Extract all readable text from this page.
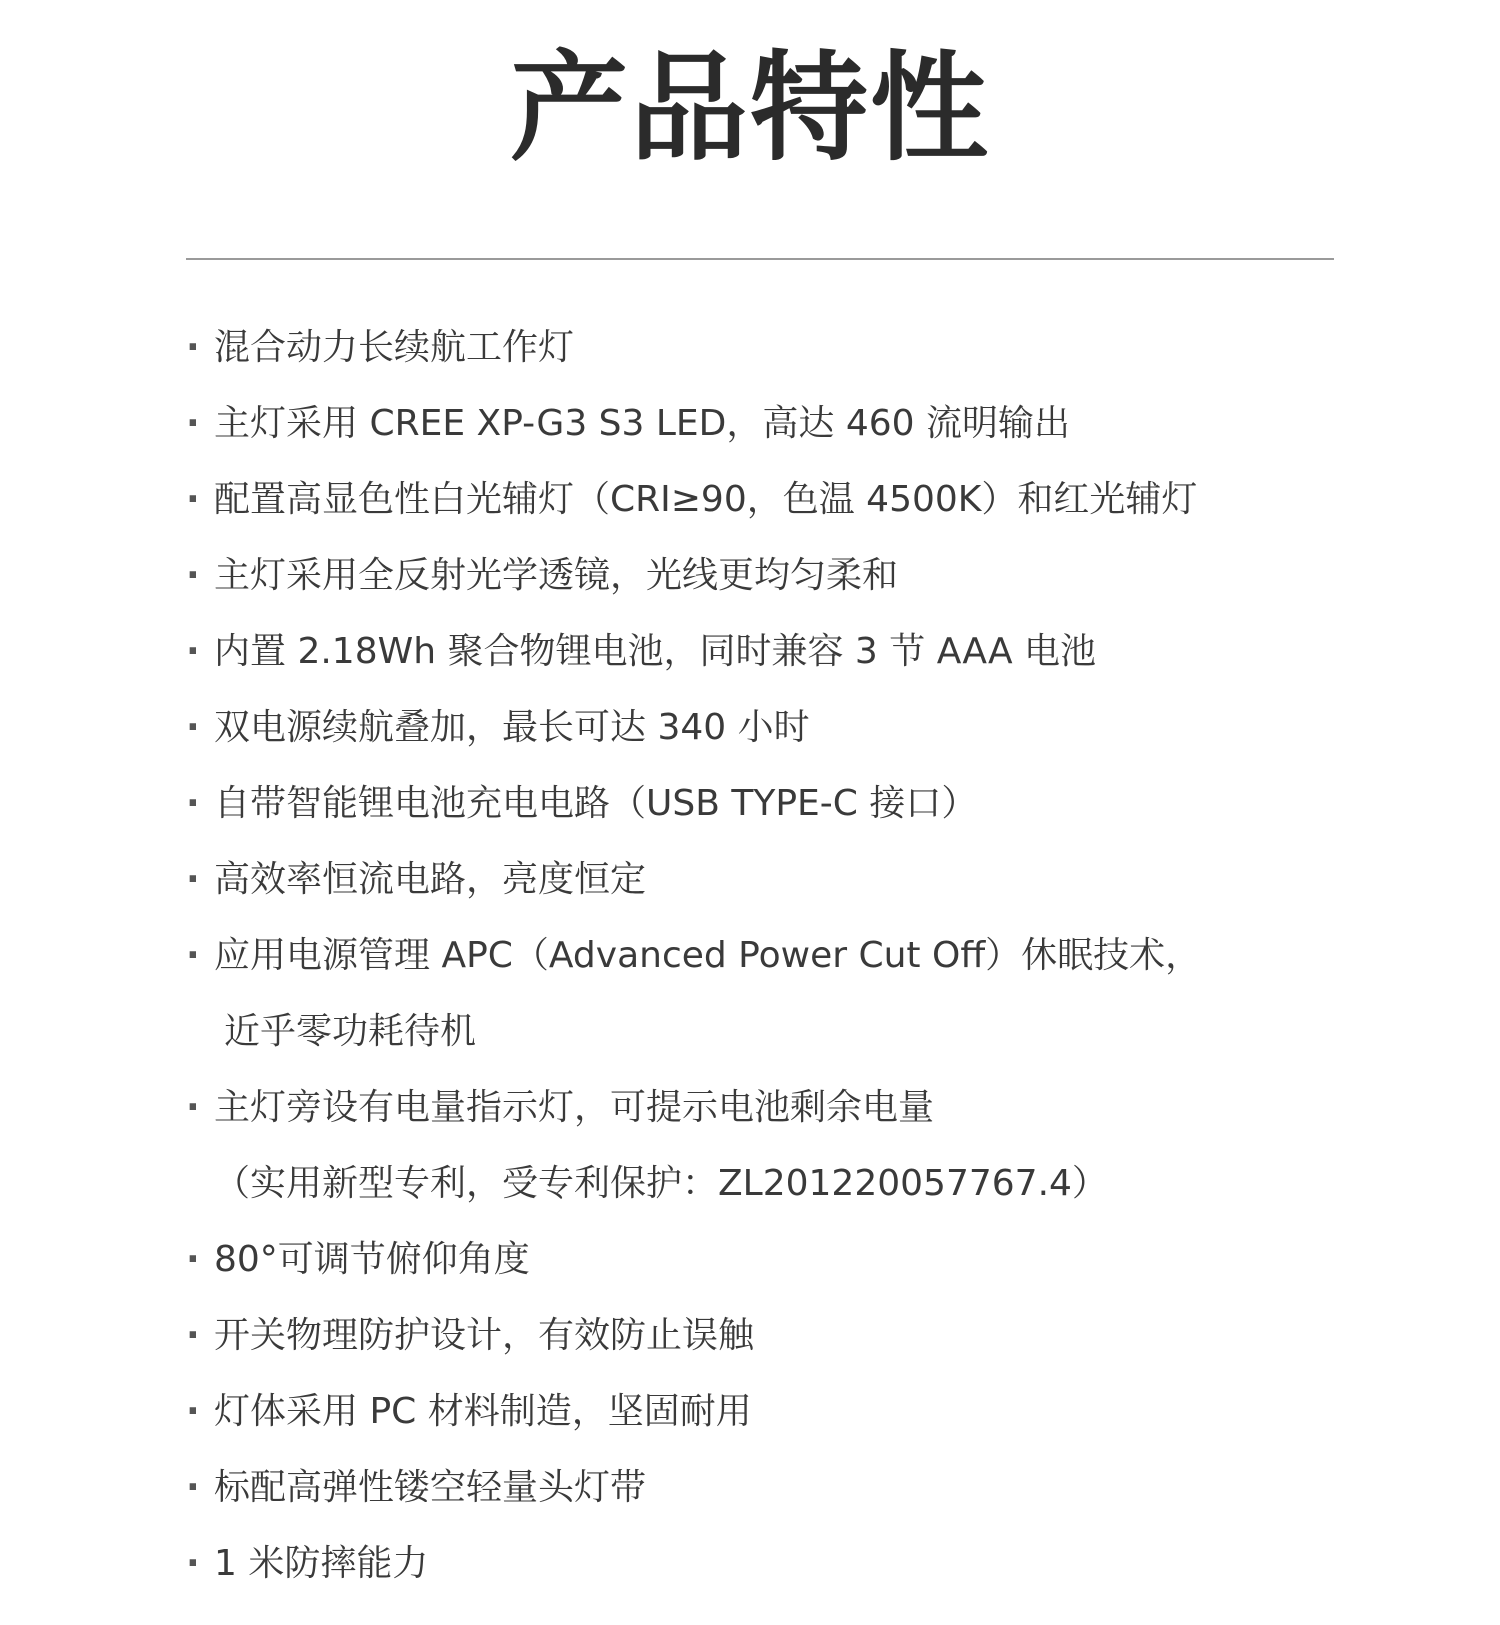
产品特性
· 混合动力长续航工作灯
· 主灯采用 CREE XP-G3 S3 LED，高达 460 流明输出
· 配置高显色性白光辅灯（CRI≥90，色温 4500K）和红光辅灯
· 主灯采用全反射光学透镜，光线更均匀柔和
· 内置 2.18Wh 聚合物锂电池，同时兼容 3 节 AAA 电池
· 双电源续航叠加，最长可达 340 小时
· 自带智能锂电池充电电路（USB TYPE-C 接口）
· 高效率恒流电路，亮度恒定
· 应用电源管理 APC（Advanced Power Cut Off）休眠技术，
近乎零功耗待机
· 主灯旁设有电量指示灯，可提示电池剩余电量
（实用新型专利，受专利保护：ZL201220057767.4）
· 80°可调节俯仰角度
· 开关物理防护设计，有效防止误触
· 灯体采用 PC 材料制造，坚固耐用
· 标配高弹性镂空轻量头灯带
· 1 米防摔能力
